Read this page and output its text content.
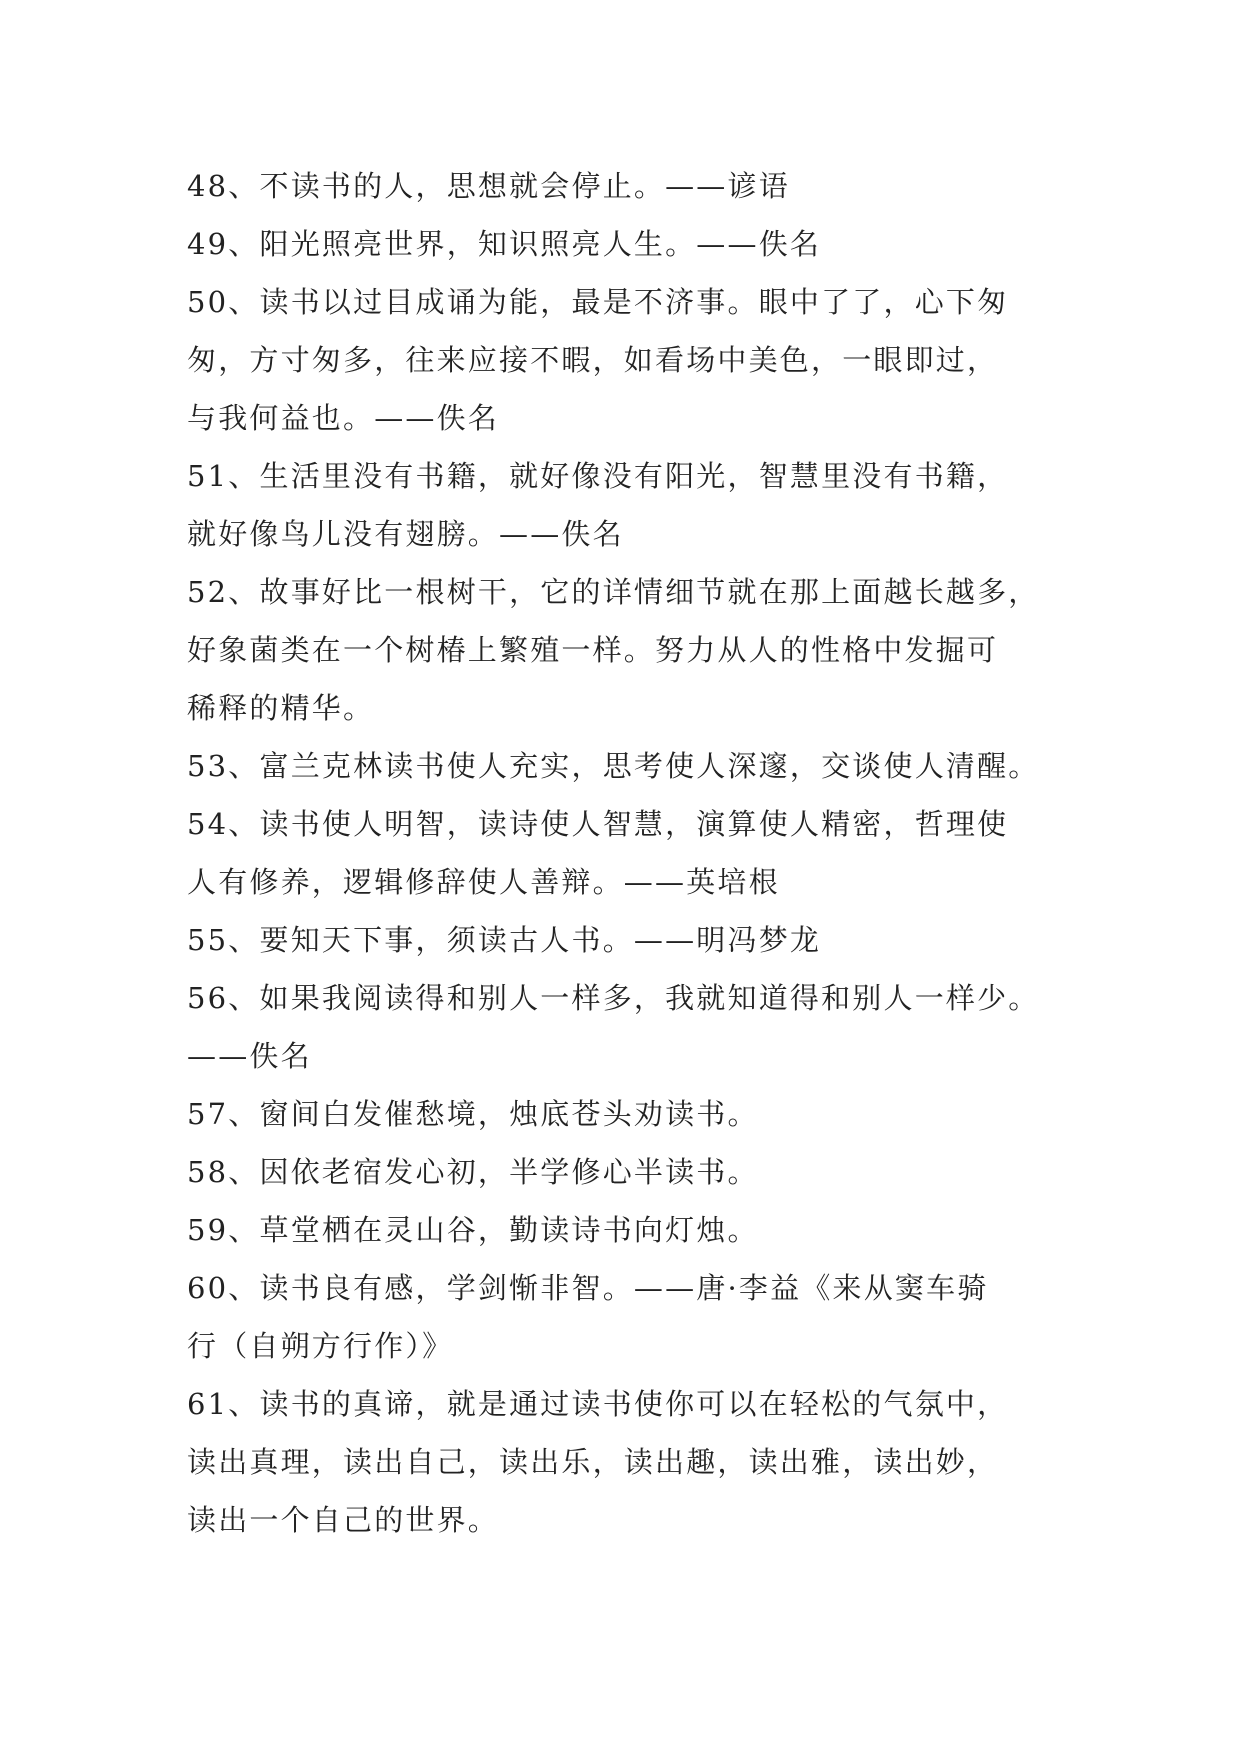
48、不读书的人，思想就会停止。——谚语
49、阳光照亮世界，知识照亮人生。——佚名
50、读书以过目成诵为能，最是不济事。眼中了了，心下匆
匆，方寸匆多，往来应接不暇，如看场中美色，一眼即过，
与我何益也。——佚名
51、生活里没有书籍，就好像没有阳光，智慧里没有书籍，
就好像鸟儿没有翅膀。——佚名
52、故事好比一根树干，它的详情细节就在那上面越长越多，
好象菌类在一个树椿上繁殖一样。努力从人的性格中发掘可
稀释的精华。
53、富兰克林读书使人充实，思考使人深邃，交谈使人清醒。
54、读书使人明智，读诗使人智慧，演算使人精密，哲理使
人有修养，逻辑修辞使人善辩。——英培根
55、要知天下事，须读古人书。——明冯梦龙
56、如果我阅读得和别人一样多，我就知道得和别人一样少。
——佚名
57、窗间白发催愁境，烛底苍头劝读书。
58、因依老宿发心初，半学修心半读书。
59、草堂栖在灵山谷，勤读诗书向灯烛。
60、读书良有感，学剑惭非智。——唐·李益《来从窦车骑
行（自朔方行作）》
61、读书的真谛，就是通过读书使你可以在轻松的气氛中，
读出真理，读出自己，读出乐，读出趣，读出雅，读出妙，
读出一个自己的世界。
